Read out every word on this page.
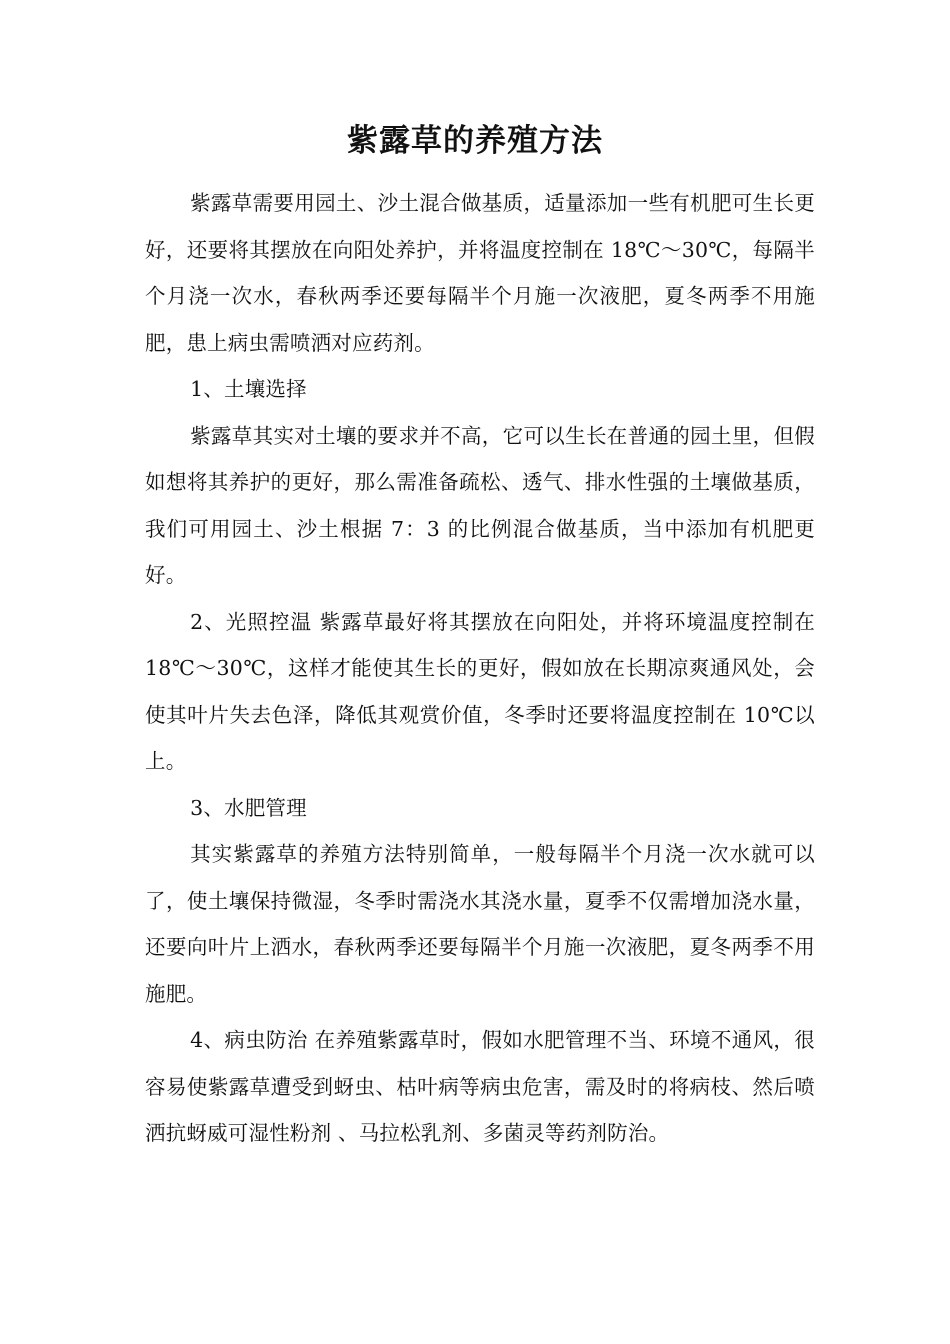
紫露草的养殖方法

紫露草需要用园土、沙土混合做基质，适量添加一些有机肥可生长更好，还要将其摆放在向阳处养护，并将温度控制在 18℃～30℃，每隔半个月浇一次水，春秋两季还要每隔半个月施一次液肥，夏冬两季不用施肥，患上病虫需喷洒对应药剂。

1、土壤选择

紫露草其实对土壤的要求并不高，它可以生长在普通的园土里，但假如想将其养护的更好，那么需准备疏松、透气、排水性强的土壤做基质，我们可用园土、沙土根据 7：3 的比例混合做基质，当中添加有机肥更好。

2、光照控温 紫露草最好将其摆放在向阳处，并将环境温度控制在 18℃～30℃，这样才能使其生长的更好，假如放在长期凉爽通风处，会使其叶片失去色泽，降低其观赏价值，冬季时还要将温度控制在 10℃以上。

3、水肥管理

其实紫露草的养殖方法特别简单，一般每隔半个月浇一次水就可以了，使土壤保持微湿，冬季时需浇水其浇水量，夏季不仅需增加浇水量，还要向叶片上洒水，春秋两季还要每隔半个月施一次液肥，夏冬两季不用施肥。

4、病虫防治 在养殖紫露草时，假如水肥管理不当、环境不通风，很容易使紫露草遭受到蚜虫、枯叶病等病虫危害，需及时的将病枝、然后喷洒抗蚜威可湿性粉剂 、马拉松乳剂、多菌灵等药剂防治。
